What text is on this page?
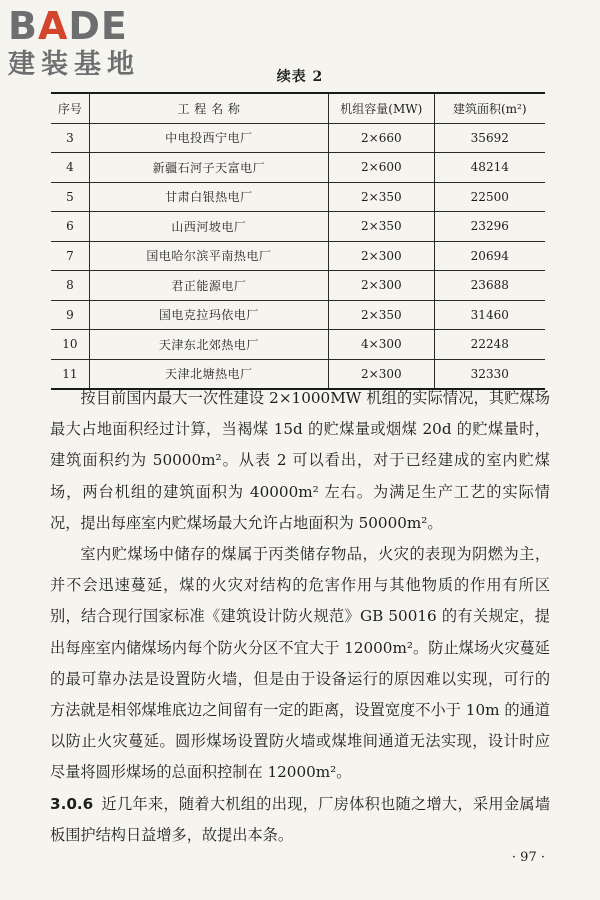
BADE
建装基地	续表 2
序号	工 程 名 称	机组容量(MW)	建筑面积(m²)
3	中电投西宁电厂	2×660	35692
4	新疆石河子天富电厂	2×600	48214
5	甘肃白银热电厂	2×350	22500
6	山西河坡电厂	2×350	23296
7	国电哈尔滨平南热电厂	2×300	20694
8	君正能源电厂	2×300	23688
9	国电克拉玛依电厂	2×350	31460
10	天津东北郊热电厂	4×300	22248
11	天津北塘热电厂	2×300	32330

按目前国内最大一次性建设 2×1000MW 机组的实际情况，其贮煤场最大占地面积经过计算，当褐煤 15d 的贮煤量或烟煤 20d 的贮煤量时，建筑面积约为 50000m²。从表 2 可以看出，对于已经建成的室内贮煤场，两台机组的建筑面积为 40000m² 左右。为满足生产工艺的实际情况，提出每座室内贮煤场最大允许占地面积为 50000m²。

室内贮煤场中储存的煤属于丙类储存物品，火灾的表现为阴燃为主，并不会迅速蔓延，煤的火灾对结构的危害作用与其他物质的作用有所区别，结合现行国家标准《建筑设计防火规范》GB 50016 的有关规定，提出每座室内储煤场内每个防火分区不宜大于 12000m²。防止煤场火灾蔓延的最可靠办法是设置防火墙，但是由于设备运行的原因难以实现，可行的方法就是相邻煤堆底边之间留有一定的距离，设置宽度不小于 10m 的通道以防止火灾蔓延。圆形煤场设置防火墙或煤堆间通道无法实现，设计时应尽量将圆形煤场的总面积控制在 12000m²。

3.0.6 近几年来，随着大机组的出现，厂房体积也随之增大，采用金属墙板围护结构日益增多，故提出本条。

· 97 ·
